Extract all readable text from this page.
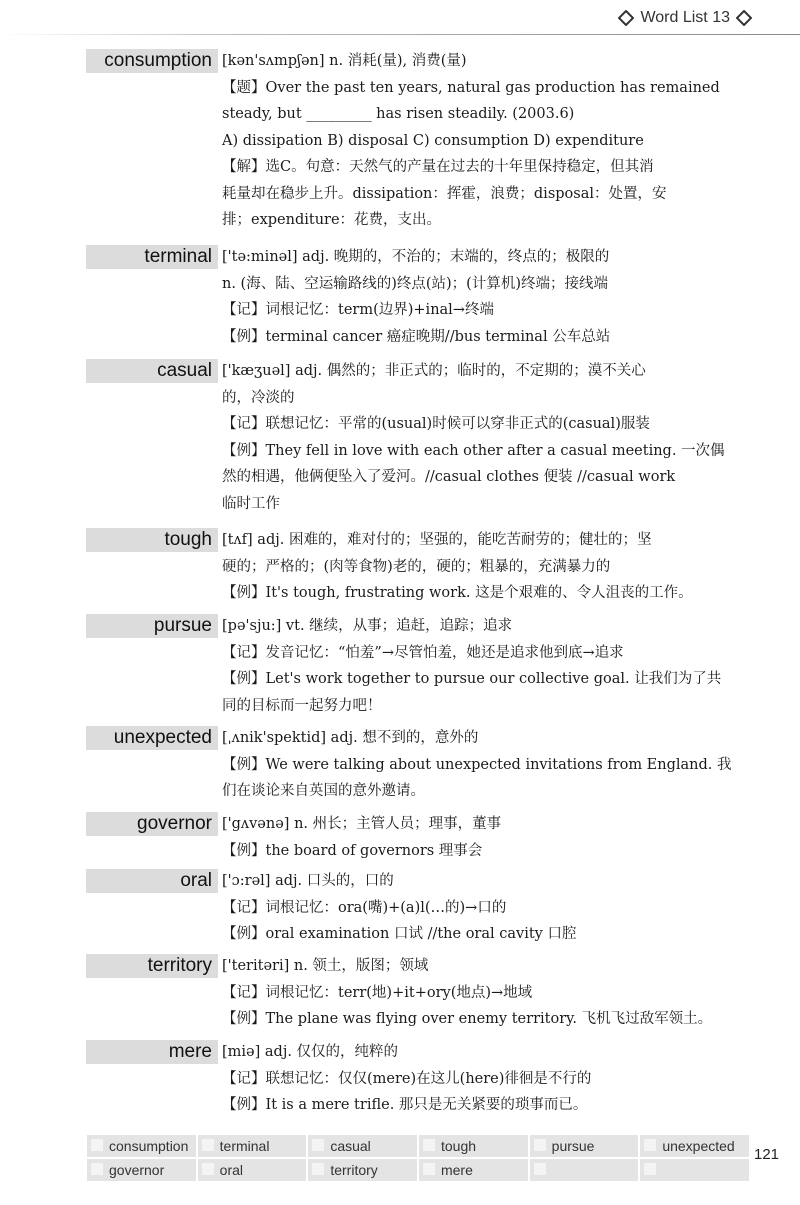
Word List 13
consumption [kən'sʌmpʃən] n. 消耗(量), 消费(量)
【题】Over the past ten years, natural gas production has remained
steady, but _________ has risen steadily. (2003.6)
A) dissipation B) disposal C) consumption D) expenditure
【解】选C。句意：天然气的产量在过去的十年里保持稳定，但其消
耗量却在稳步上升。dissipation：挥霍，浪费；disposal：处置，安
排；expenditure：花费，支出。
terminal ['tə:minəl] adj. 晚期的，不治的；末端的，终点的；极限的
n. (海、陆、空运输路线的)终点(站)；(计算机)终端；接线端
【记】词根记忆：term(边界)+inal→终端
【例】terminal cancer 癌症晚期//bus terminal 公车总站
casual ['kæʒuəl] adj. 偶然的；非正式的；临时的，不定期的；漠不关心
的，冷淡的
【记】联想记忆：平常的(usual)时候可以穿非正式的(casual)服装
【例】They fell in love with each other after a casual meeting. 一次偶
然的相遇，他俩便坠入了爱河。//casual clothes 便装 //casual work
临时工作
tough [tʌf] adj. 困难的，难对付的；坚强的，能吃苦耐劳的；健壮的；坚
硬的；严格的；(肉等食物)老的，硬的；粗暴的，充满暴力的
【例】It's tough, frustrating work. 这是个艰难的、令人沮丧的工作。
pursue [pə'sju:] vt. 继续，从事；追赶，追踪；追求
【记】发音记忆：“怕羞”→尽管怕羞，她还是追求他到底→追求
【例】Let's work together to pursue our collective goal. 让我们为了共
同的目标而一起努力吧！
unexpected [ˌʌnik'spektid] adj. 想不到的，意外的
【例】We were talking about unexpected invitations from England. 我
们在谈论来自英国的意外邀请。
governor ['gʌvənə] n. 州长；主管人员；理事，董事
【例】the board of governors 理事会
oral ['ɔ:rəl] adj. 口头的，口的
【记】词根记忆：ora(嘴)+(a)l(…的)→口的
【例】oral examination 口试 //the oral cavity 口腔
territory ['teritəri] n. 领土，版图；领域
【记】词根记忆：terr(地)+it+ory(地点)→地域
【例】The plane was flying over enemy territory. 飞机飞过敌军领土。
mere [miə] adj. 仅仅的，纯粹的
【记】联想记忆：仅仅(mere)在这儿(here)徘徊是不行的
【例】It is a mere trifle. 那只是无关紧要的琐事而已。
consumption	terminal	casual	tough	pursue	unexpected
governor	oral	territory	mere
121
